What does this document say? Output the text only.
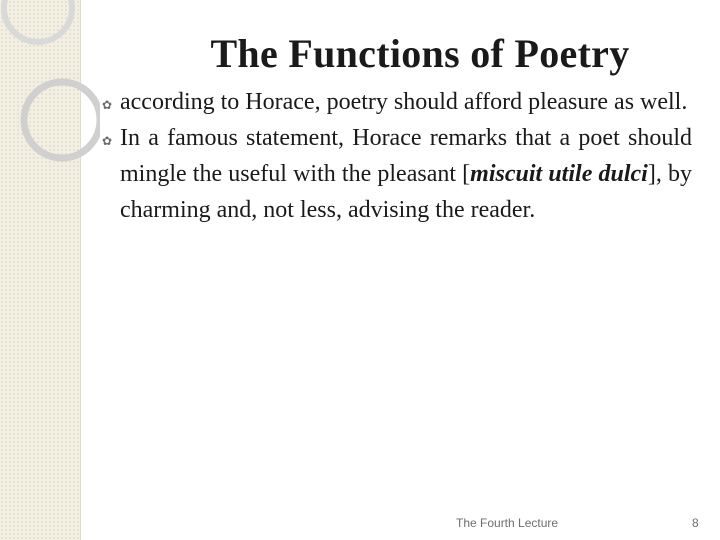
The Functions of Poetry
✿ according to Horace, poetry should afford pleasure as well.
✿ In a famous statement, Horace remarks that a poet should mingle the useful with the pleasant [miscuit utile dulci], by charming and, not less, advising the reader.
The Fourth Lecture	8
